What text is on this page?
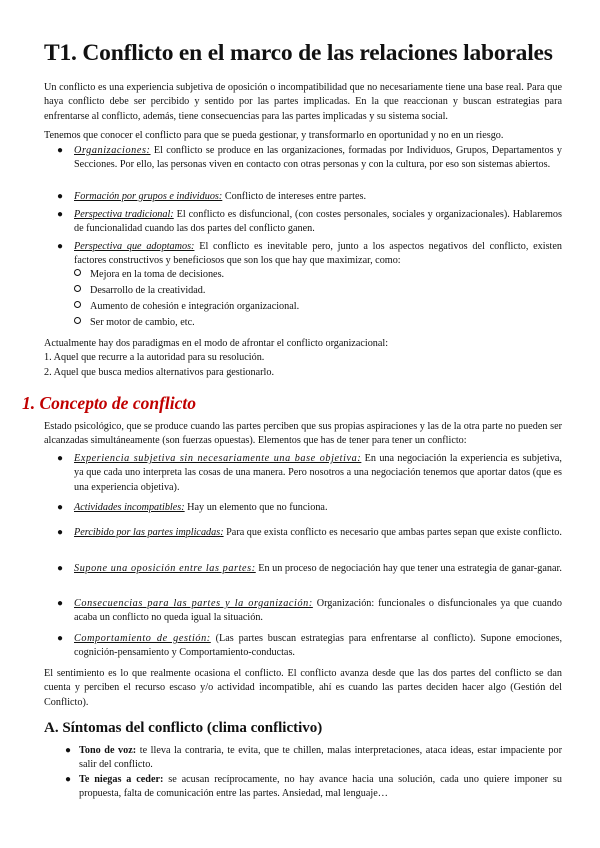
T1. Conflicto en el marco de las relaciones laborales

Un conflicto es una experiencia subjetiva de oposición o incompatibilidad que no necesariamente tiene una base real. Para que haya conflicto debe ser percibido y sentido por las partes implicadas. En la que reaccionan y buscan estrategias para enfrentarse al conflicto, además, tiene consecuencias para las partes implicadas y su sistema social.

Tenemos que conocer el conflicto para que se pueda gestionar, y transformarlo en oportunidad y no en un riesgo.

● Organizaciones: El conflicto se produce en las organizaciones, formadas por Individuos, Grupos, Departamentos y Secciones. Por ello, las personas viven en contacto con otras personas y con la cultura, por eso son sistemas abiertos.
● Formación por grupos e individuos: Conflicto de intereses entre partes.
● Perspectiva tradicional: El conflicto es disfuncional, (con costes personales, sociales y organizacionales). Hablaremos de funcionalidad cuando las dos partes del conflicto ganen.
● Perspectiva que adoptamos: El conflicto es inevitable pero, junto a los aspectos negativos del conflicto, existen factores constructivos y beneficiosos que son los que hay que maximizar, como:
Mejora en la toma de decisiones.
Desarrollo de la creatividad.
Aumento de cohesión e integración organizacional.
Ser motor de cambio, etc.

Actualmente hay dos paradigmas en el modo de afrontar el conflicto organizacional:

1. Aquel que recurre a la autoridad para su resolución.

2. Aquel que busca medios alternativos para gestionarlo.

1. Concepto de conflicto

Estado psicológico, que se produce cuando las partes perciben que sus propias aspiraciones y las de la otra parte no pueden ser alcanzadas simultáneamente (son fuerzas opuestas). Elementos que has de tener para tener un conflicto:

● Experiencia subjetiva sin necesariamente una base objetiva: En una negociación la experiencia es subjetiva, ya que cada uno interpreta las cosas de una manera. Pero nosotros a una negociación tenemos que aportar datos (que es una experiencia objetiva).
● Actividades incompatibles: Hay un elemento que no funciona.
● Percibido por las partes implicadas: Para que exista conflicto es necesario que ambas partes sepan que existe conflicto.
● Supone una oposición entre las partes: En un proceso de negociación hay que tener una estrategia de ganar-ganar.
● Consecuencias para las partes y la organización: Organización: funcionales o disfuncionales ya que cuando acaba un conflicto no queda igual la situación.
● Comportamiento de gestión: (Las partes buscan estrategias para enfrentarse al conflicto). Supone emociones, cognición-pensamiento y Comportamiento-conductas.

El sentimiento es lo que realmente ocasiona el conflicto. El conflicto avanza desde que las dos partes del conflicto se dan cuenta y perciben el recurso escaso y/o actividad incompatible, ahí es cuando las partes deciden hacer algo (Gestión del Conflicto).

A. Síntomas del conflicto (clima conflictivo)
● Tono de voz: te lleva la contraria, te evita, que te chillen, malas interpretaciones, ataca ideas, estar impaciente por salir del conflicto.
● Te niegas a ceder: se acusan recíprocamente, no hay avance hacia una solución, cada uno quiere imponer su propuesta, falta de comunicación entre las partes. Ansiedad, mal lenguaje…
